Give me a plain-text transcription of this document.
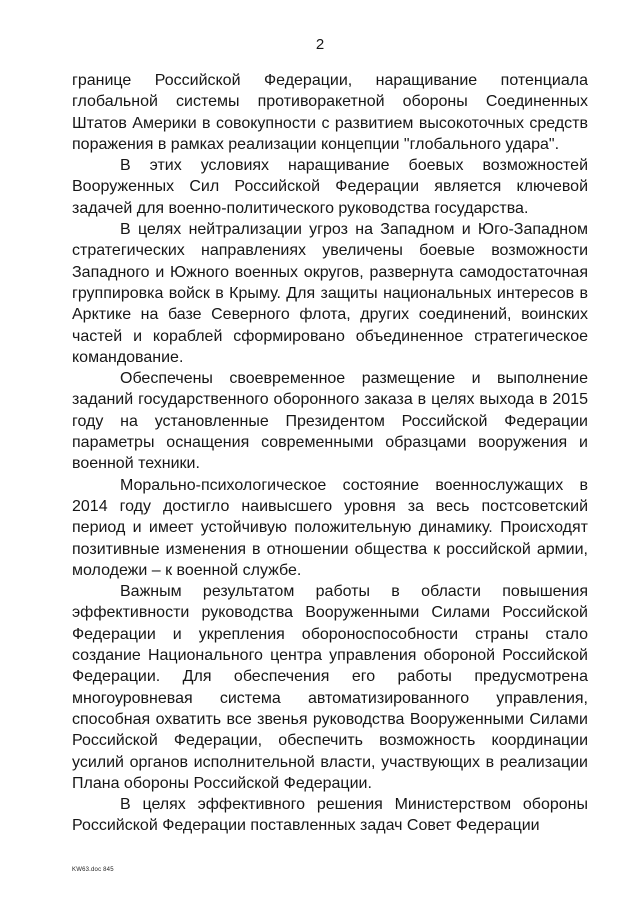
2

границе Российской Федерации, наращивание потенциала глобальной системы противоракетной обороны Соединенных Штатов Америки в совокупности с развитием высокоточных средств поражения в рамках реализации концепции "глобального удара".

В этих условиях наращивание боевых возможностей Вооруженных Сил Российской Федерации является ключевой задачей для военно-политического руководства государства.

В целях нейтрализации угроз на Западном и Юго-Западном стратегических направлениях увеличены боевые возможности Западного и Южного военных округов, развернута самодостаточная группировка войск в Крыму. Для защиты национальных интересов в Арктике на базе Северного флота, других соединений, воинских частей и кораблей сформировано объединенное стратегическое командование.

Обеспечены своевременное размещение и выполнение заданий государственного оборонного заказа в целях выхода в 2015 году на установленные Президентом Российской Федерации параметры оснащения современными образцами вооружения и военной техники.

Морально-психологическое состояние военнослужащих в 2014 году достигло наивысшего уровня за весь постсоветский период и имеет устойчивую положительную динамику. Происходят позитивные изменения в отношении общества к российской армии, молодежи – к военной службе.

Важным результатом работы в области повышения эффективности руководства Вооруженными Силами Российской Федерации и укрепления обороноспособности страны стало создание Национального центра управления обороной Российской Федерации. Для обеспечения его работы предусмотрена многоуровневая система автоматизированного управления, способная охватить все звенья руководства Вооруженными Силами Российской Федерации, обеспечить возможность координации усилий органов исполнительной власти, участвующих в реализации Плана обороны Российской Федерации.

В целях эффективного решения Министерством обороны Российской Федерации поставленных задач Совет Федерации

KW63.doc 845
